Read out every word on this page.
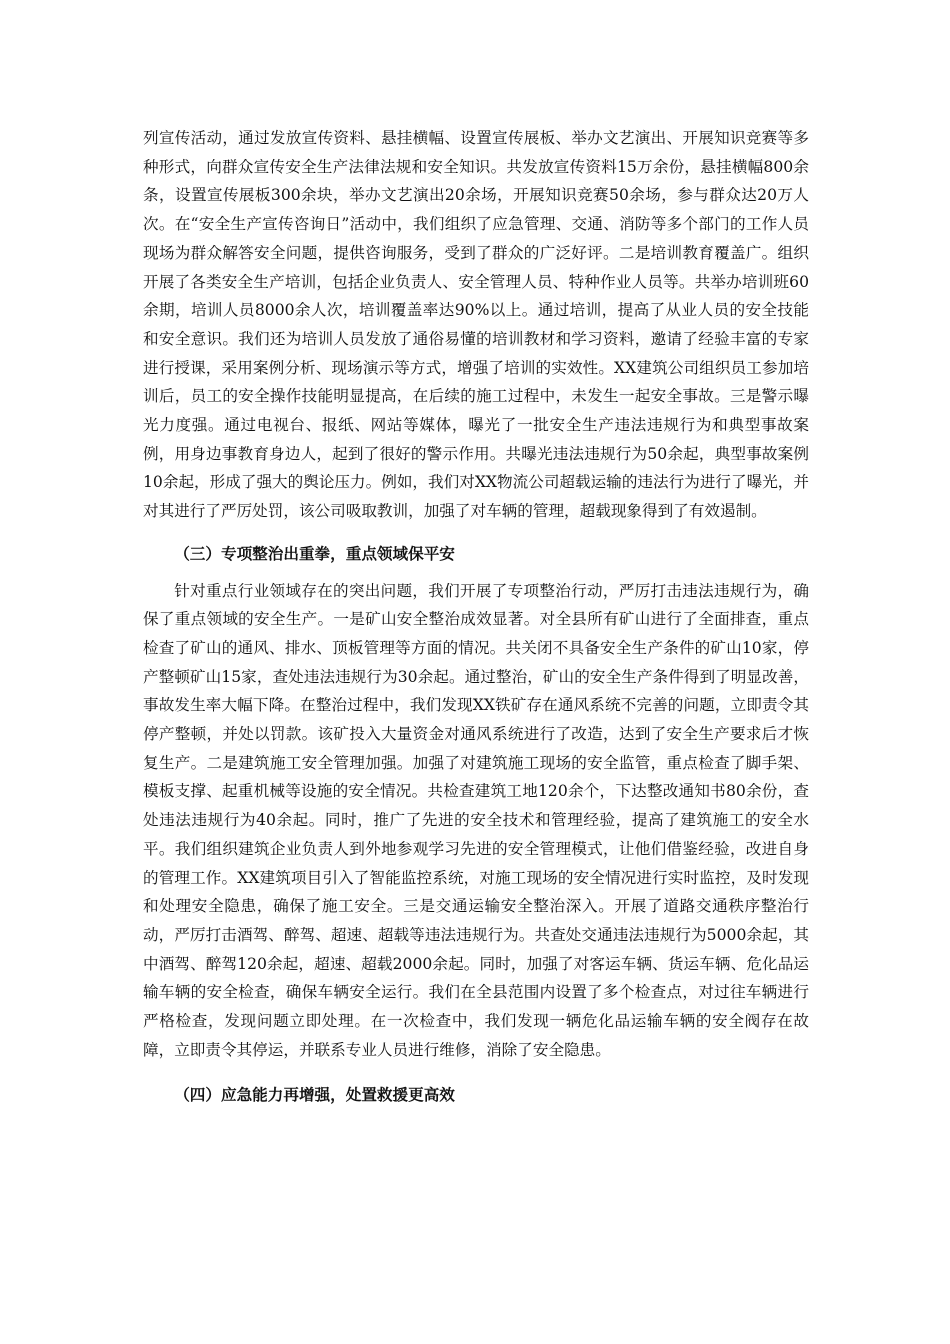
列宣传活动，通过发放宣传资料、悬挂横幅、设置宣传展板、举办文艺演出、开展知识竞赛等多种形式，向群众宣传安全生产法律法规和安全知识。共发放宣传资料15万余份，悬挂横幅800余条，设置宣传展板300余块，举办文艺演出20余场，开展知识竞赛50余场，参与群众达20万人次。在“安全生产宣传咨询日”活动中，我们组织了应急管理、交通、消防等多个部门的工作人员现场为群众解答安全问题，提供咨询服务，受到了群众的广泛好评。二是培训教育覆盖广。组织开展了各类安全生产培训，包括企业负责人、安全管理人员、特种作业人员等。共举办培训班60余期，培训人员8000余人次，培训覆盖率达90%以上。通过培训，提高了从业人员的安全技能和安全意识。我们还为培训人员发放了通俗易懂的培训教材和学习资料，邀请了经验丰富的专家进行授课，采用案例分析、现场演示等方式，增强了培训的实效性。XX建筑公司组织员工参加培训后，员工的安全操作技能明显提高，在后续的施工过程中，未发生一起安全事故。三是警示曝光力度强。通过电视台、报纸、网站等媒体，曝光了一批安全生产违法违规行为和典型事故案例，用身边事教育身边人，起到了很好的警示作用。共曝光违法违规行为50余起，典型事故案例10余起，形成了强大的舆论压力。例如，我们对XX物流公司超载运输的违法行为进行了曝光，并对其进行了严厉处罚，该公司吸取教训，加强了对车辆的管理，超载现象得到了有效遏制。

（三）专项整治出重拳，重点领域保平安

针对重点行业领域存在的突出问题，我们开展了专项整治行动，严厉打击违法违规行为，确保了重点领域的安全生产。一是矿山安全整治成效显著。对全县所有矿山进行了全面排查，重点检查了矿山的通风、排水、顶板管理等方面的情况。共关闭不具备安全生产条件的矿山10家，停产整顿矿山15家，查处违法违规行为30余起。通过整治，矿山的安全生产条件得到了明显改善，事故发生率大幅下降。在整治过程中，我们发现XX铁矿存在通风系统不完善的问题，立即责令其停产整顿，并处以罚款。该矿投入大量资金对通风系统进行了改造，达到了安全生产要求后才恢复生产。二是建筑施工安全管理加强。加强了对建筑施工现场的安全监管，重点检查了脚手架、模板支撑、起重机械等设施的安全情况。共检查建筑工地120余个，下达整改通知书80余份，查处违法违规行为40余起。同时，推广了先进的安全技术和管理经验，提高了建筑施工的安全水平。我们组织建筑企业负责人到外地参观学习先进的安全管理模式，让他们借鉴经验，改进自身的管理工作。XX建筑项目引入了智能监控系统，对施工现场的安全情况进行实时监控，及时发现和处理安全隐患，确保了施工安全。三是交通运输安全整治深入。开展了道路交通秩序整治行动，严厉打击酒驾、醉驾、超速、超载等违法违规行为。共查处交通违法违规行为5000余起，其中酒驾、醉驾120余起，超速、超载2000余起。同时，加强了对客运车辆、货运车辆、危化品运输车辆的安全检查，确保车辆安全运行。我们在全县范围内设置了多个检查点，对过往车辆进行严格检查，发现问题立即处理。在一次检查中，我们发现一辆危化品运输车辆的安全阀存在故障，立即责令其停运，并联系专业人员进行维修，消除了安全隐患。

（四）应急能力再增强，处置救援更高效
